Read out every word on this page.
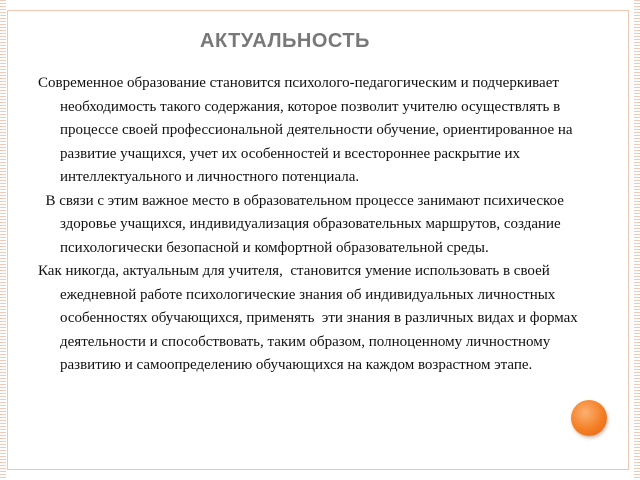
АКТУАЛЬНОСТЬ

Современное образование становится психолого-педагогическим и подчеркивает необходимость такого содержания, которое позволит учителю осуществлять в процессе своей профессиональной деятельности обучение, ориентированное на развитие учащихся, учет их особенностей и всестороннее раскрытие их интеллектуального и личностного потенциала.

В связи с этим важное место в образовательном процессе занимают психическое здоровье учащихся, индивидуализация образовательных маршрутов, создание психологически безопасной и комфортной образовательной среды.

Как никогда, актуальным для учителя,  становится умение использовать в своей ежедневной работе психологические знания об индивидуальных личностных особенностях обучающихся, применять  эти знания в различных видах и формах деятельности и способствовать, таким образом, полноценному личностному развитию и самоопределению обучающихся на каждом возрастном этапе.
